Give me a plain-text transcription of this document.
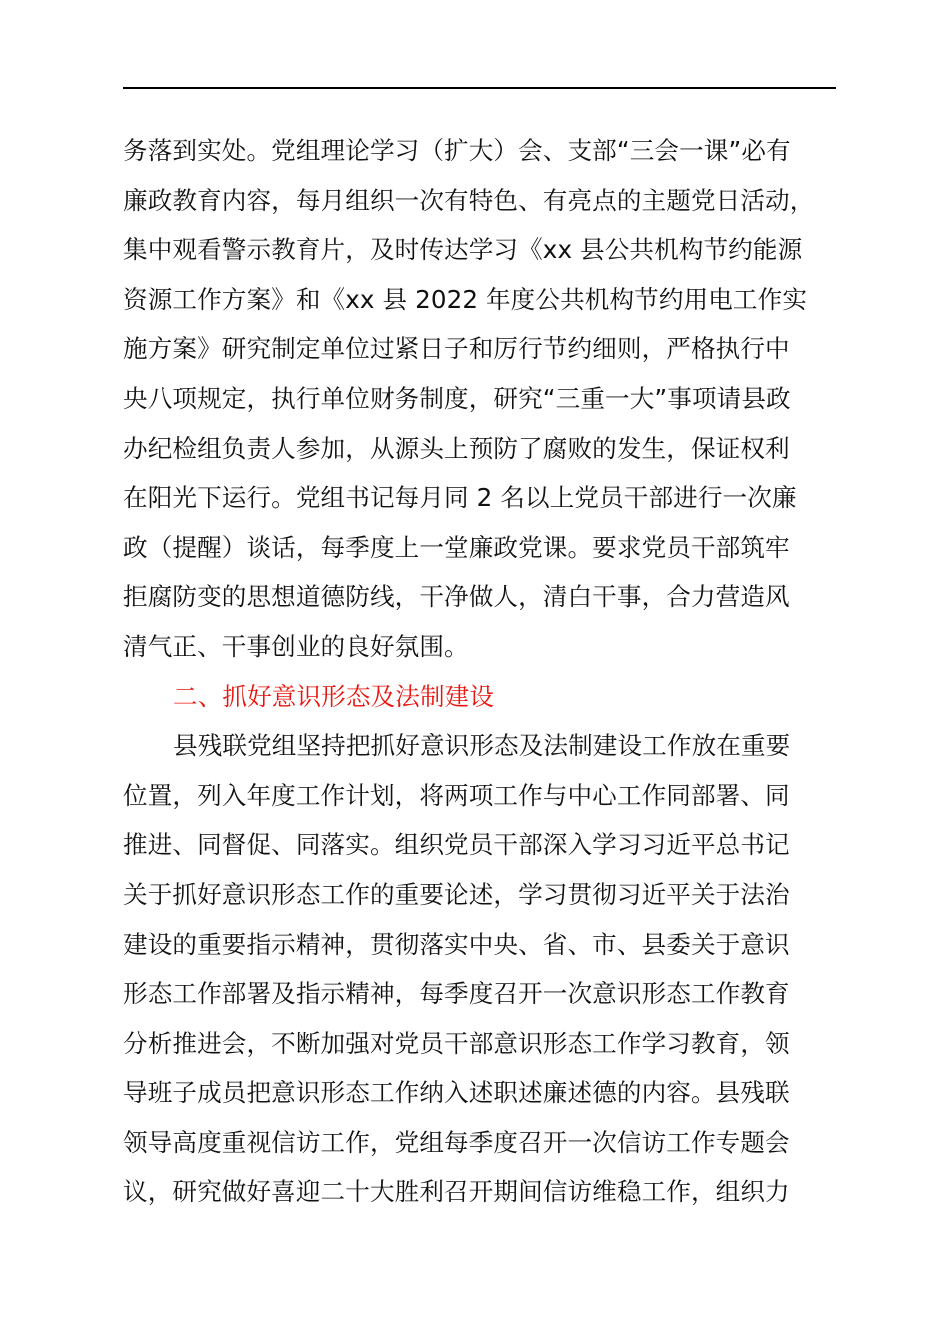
务落到实处。党组理论学习（扩大）会、支部“三会一课”必有
廉政教育内容，每月组织一次有特色、有亮点的主题党日活动，
集中观看警示教育片，及时传达学习《xx 县公共机构节约能源
资源工作方案》和《xx 县 2022 年度公共机构节约用电工作实
施方案》研究制定单位过紧日子和厉行节约细则，严格执行中
央八项规定，执行单位财务制度，研究“三重一大”事项请县政
办纪检组负责人参加，从源头上预防了腐败的发生，保证权利
在阳光下运行。党组书记每月同 2 名以上党员干部进行一次廉
政（提醒）谈话，每季度上一堂廉政党课。要求党员干部筑牢
拒腐防变的思想道德防线，干净做人，清白干事，合力营造风
清气正、干事创业的良好氛围。
二、抓好意识形态及法制建设
县残联党组坚持把抓好意识形态及法制建设工作放在重要
位置，列入年度工作计划，将两项工作与中心工作同部署、同
推进、同督促、同落实。组织党员干部深入学习习近平总书记
关于抓好意识形态工作的重要论述，学习贯彻习近平关于法治
建设的重要指示精神，贯彻落实中央、省、市、县委关于意识
形态工作部署及指示精神，每季度召开一次意识形态工作教育
分析推进会，不断加强对党员干部意识形态工作学习教育，领
导班子成员把意识形态工作纳入述职述廉述德的内容。县残联
领导高度重视信访工作，党组每季度召开一次信访工作专题会
议，研究做好喜迎二十大胜利召开期间信访维稳工作，组织力
